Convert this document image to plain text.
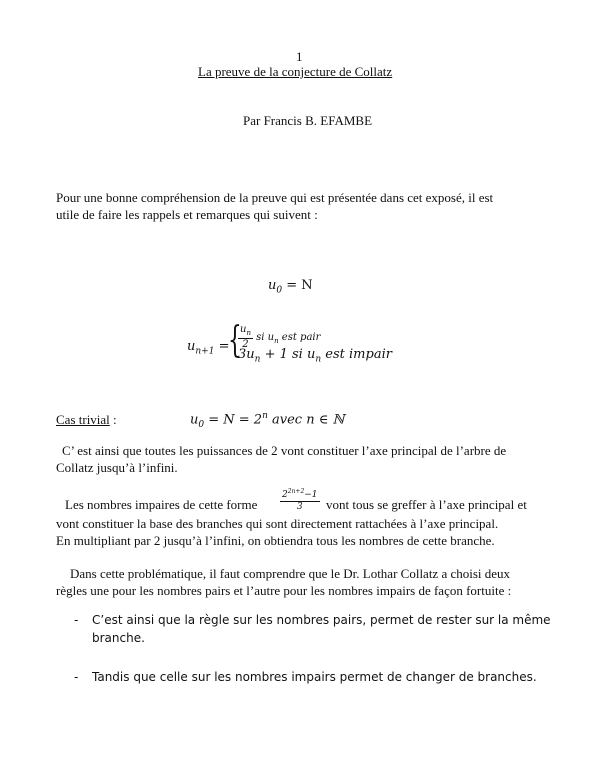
1
La preuve de la conjecture de Collatz
Par Francis B. EFAMBE
Pour une bonne compréhension de la preuve qui est présentée dans cet exposé, il est
utile de faire les rappels et remarques qui suivent :
$u_0 = N$
$u_{n+1}$ =
{
$\frac{u_n}{2}$ si $u_n$ est pair
$3u_n + 1$ si $u_n$ est impair
Cas trivial :	$u_0 = N = 2^n$ avec n ∈ ℕ
C’ est ainsi que toutes les puissances de 2 vont constituer l’axe principal de l’arbre de
Collatz jusqu’à l’infini.
Les nombres impaires de cette forme	$\frac{2^{2n+2}-1}{3}$ vont tous se greffer à l’axe principal et
vont constituer la base des branches qui sont directement rattachées à l’axe principal.
En multipliant par 2 jusqu’à l’infini, on obtiendra tous les nombres de cette branche.
Dans cette problématique, il faut comprendre que le Dr. Lothar Collatz a choisi deux
règles une pour les nombres pairs et l’autre pour les nombres impairs de façon fortuite :
- C’est ainsi que la règle sur les nombres pairs, permet de rester sur la même
branche.
- Tandis que celle sur les nombres impairs permet de changer de branches.
